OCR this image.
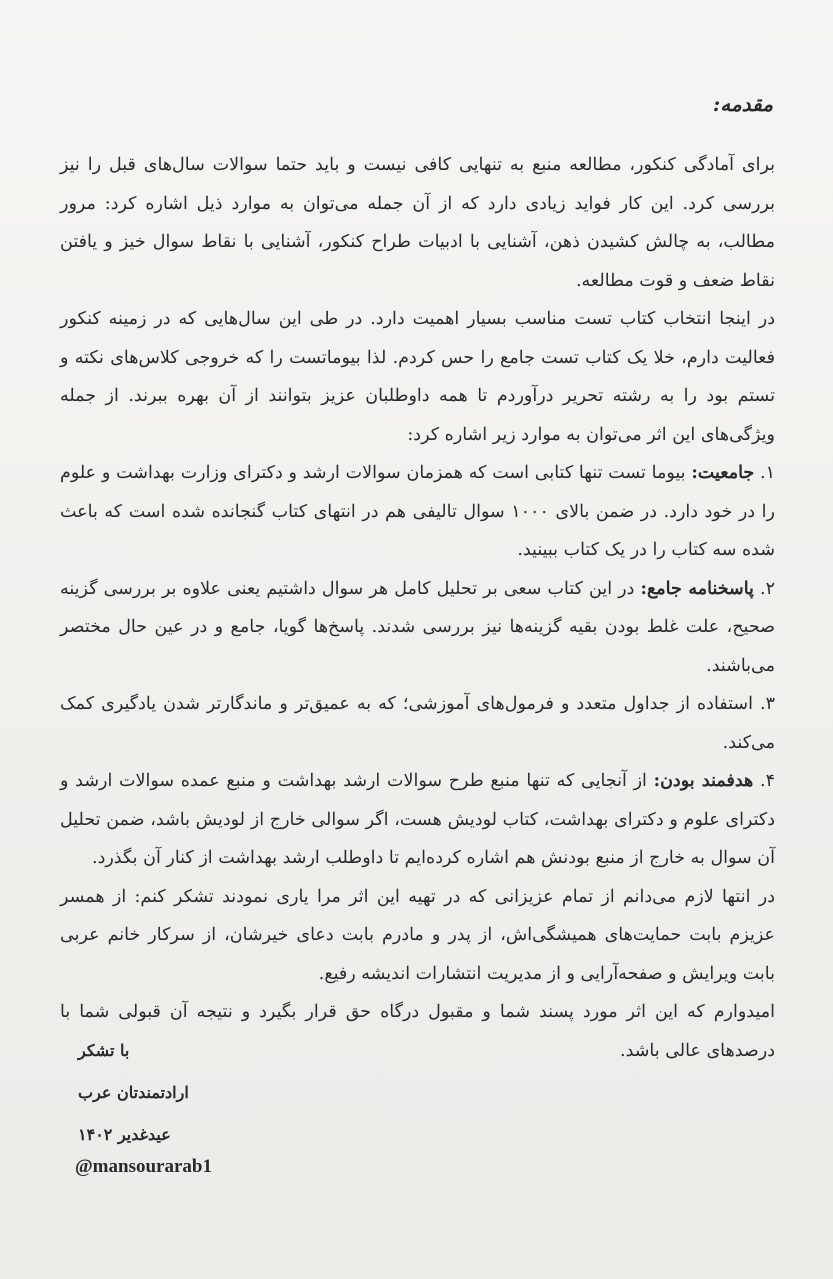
مقدمه:

برای آمادگی کنکور، مطالعه منبع به تنهایی کافی نیست و باید حتما سوالات سال‌های قبل را نیز بررسی کرد. این کار فواید زیادی دارد که از آن جمله می‌توان به موارد ذیل اشاره کرد: مرور مطالب، به چالش کشیدن ذهن، آشنایی با ادبیات طراح کنکور، آشنایی با نقاط سوال خیز و یافتن نقاط ضعف و قوت مطالعه.

در اینجا انتخاب کتاب تست مناسب بسیار اهمیت دارد. در طی این سال‌هایی که در زمینه کنکور فعالیت دارم، خلا یک کتاب تست جامع را حس کردم. لذا بیوماتست را که خروجی کلاس‌های نکته و تستم بود را به رشته تحریر درآوردم تا همه داوطلبان عزیز بتوانند از آن بهره ببرند. از جمله ویژگی‌های این اثر می‌توان به موارد زیر اشاره کرد:

۱. جامعیت: بیوما تست تنها کتابی است که همزمان سوالات ارشد و دکترای وزارت بهداشت و علوم را در خود دارد. در ضمن بالای ۱۰۰۰ سوال تالیفی هم در انتهای کتاب گنجانده شده است که باعث شده سه کتاب را در یک کتاب ببینید.

۲. پاسخنامه جامع: در این کتاب سعی بر تحلیل کامل هر سوال داشتیم یعنی علاوه بر بررسی گزینه صحیح، علت غلط بودن بقیه گزینه‌ها نیز بررسی شدند. پاسخ‌ها گویا، جامع و در عین حال مختصر می‌باشند.

۳. استفاده از جداول متعدد و فرمول‌های آموزشی؛ که به عمیق‌تر و ماندگارتر شدن یادگیری کمک می‌کند.

۴. هدفمند بودن: از آنجایی که تنها منبع طرح سوالات ارشد بهداشت و منبع عمده سوالات ارشد و دکترای علوم و دکترای بهداشت، کتاب لودیش هست، اگر سوالی خارج از لودیش باشد، ضمن تحلیل آن سوال به خارج از منبع بودنش هم اشاره کرده‌ایم تا داوطلب ارشد بهداشت از کنار آن بگذرد.

در انتها لازم می‌دانم از تمام عزیزانی که در تهیه این اثر مرا یاری نمودند تشکر کنم: از همسر عزیزم بابت حمایت‌های همیشگی‌اش، از پدر و مادرم بابت دعای خیرشان، از سرکار خانم عربی بابت ویرایش و صفحه‌آرایی و از مدیریت انتشارات اندیشه رفیع.

امیدوارم که این اثر مورد پسند شما و مقبول درگاه حق قرار بگیرد و نتیجه آن قبولی شما با درصدهای عالی باشد.

با تشکر
ارادتمندتان عرب
عیدغدیر ۱۴۰۲
@mansourarab1
